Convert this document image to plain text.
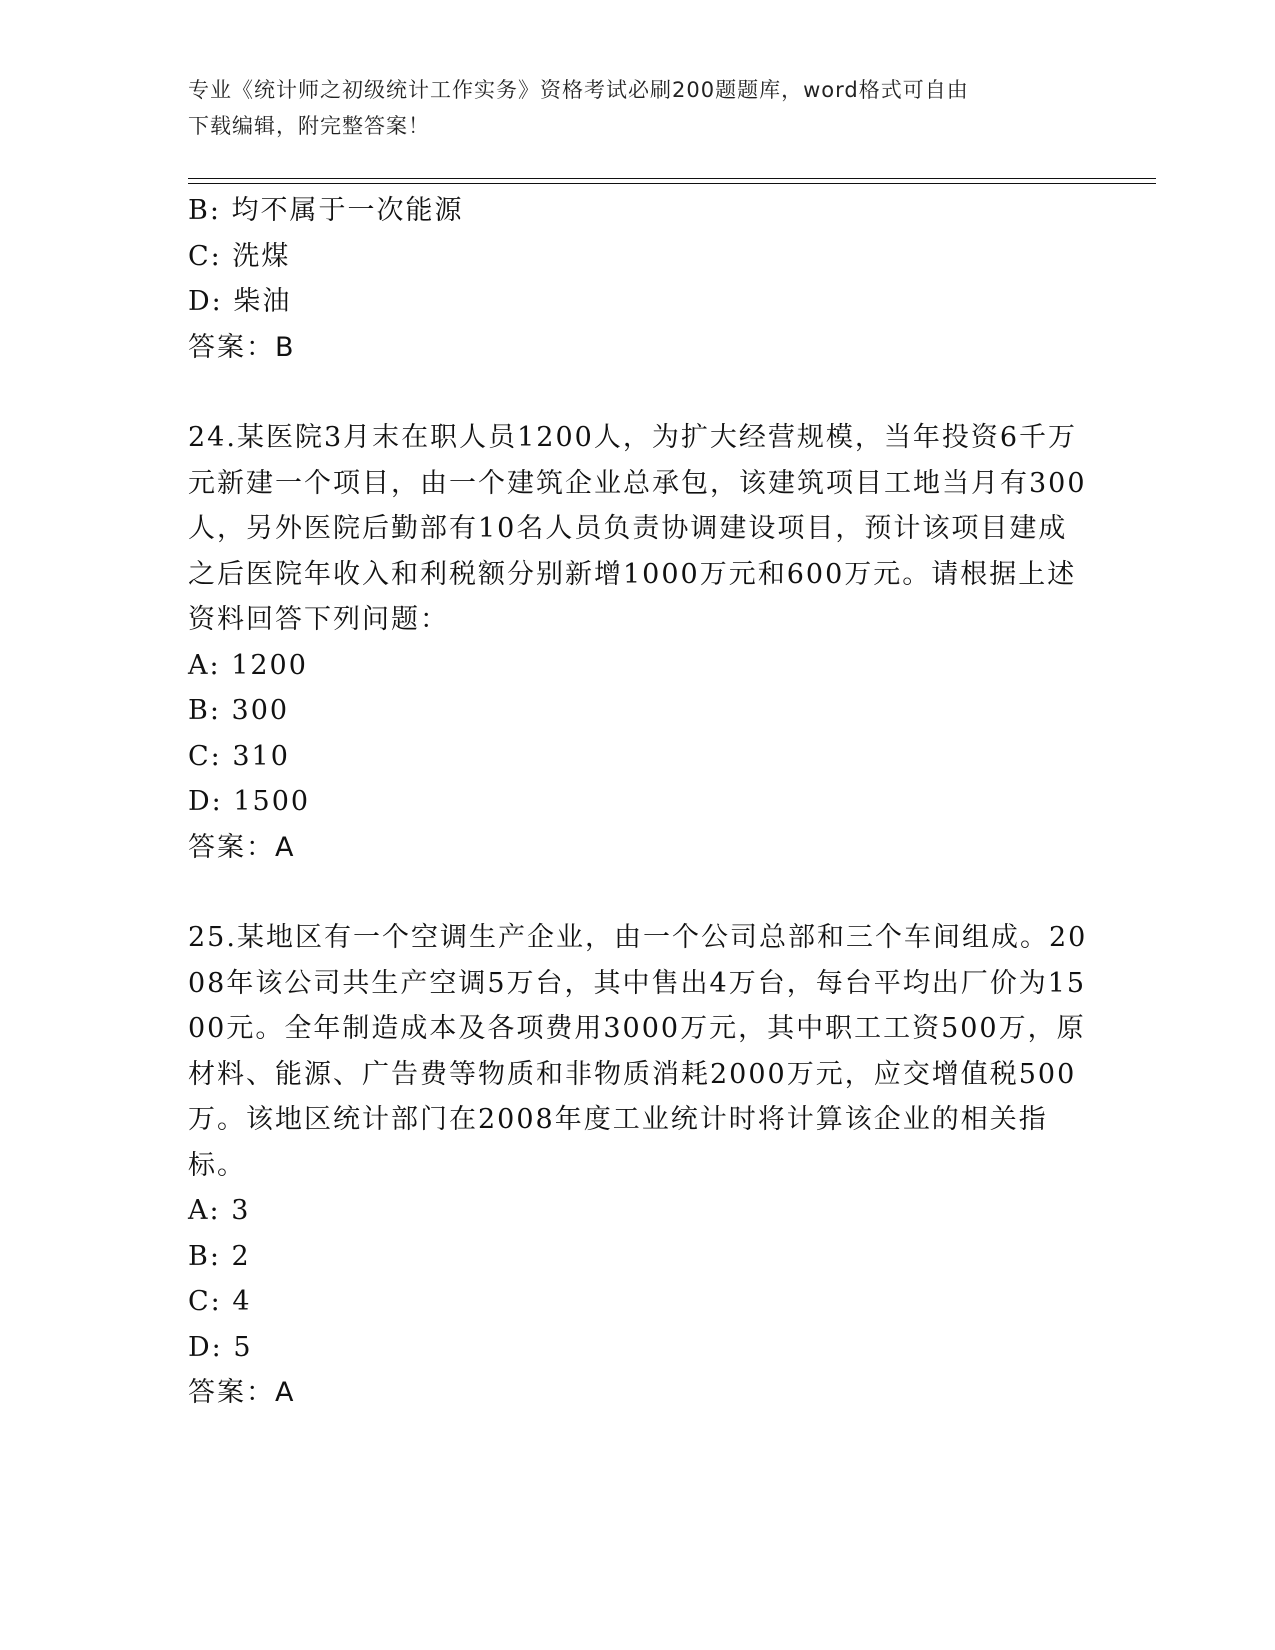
专业《统计师之初级统计工作实务》资格考试必刷200题题库，word格式可自由
下载编辑，附完整答案！

B: 均不属于一次能源

C: 洗煤

D: 柴油

答案：B

24.某医院3月末在职人员1200人，为扩大经营规模，当年投资6千万元新建一个项目，由一个建筑企业总承包，该建筑项目工地当月有300人，另外医院后勤部有10名人员负责协调建设项目，预计该项目建成之后医院年收入和利税额分别新增1000万元和600万元。请根据上述资料回答下列问题：

A: 1200

B: 300

C: 310

D: 1500

答案：A

25.某地区有一个空调生产企业，由一个公司总部和三个车间组成。2008年该公司共生产空调5万台，其中售出4万台，每台平均出厂价为1500元。全年制造成本及各项费用3000万元，其中职工工资500万，原材料、能源、广告费等物质和非物质消耗2000万元，应交增值税500万。该地区统计部门在2008年度工业统计时将计算该企业的相关指标。

A: 3

B: 2

C: 4

D: 5

答案：A
